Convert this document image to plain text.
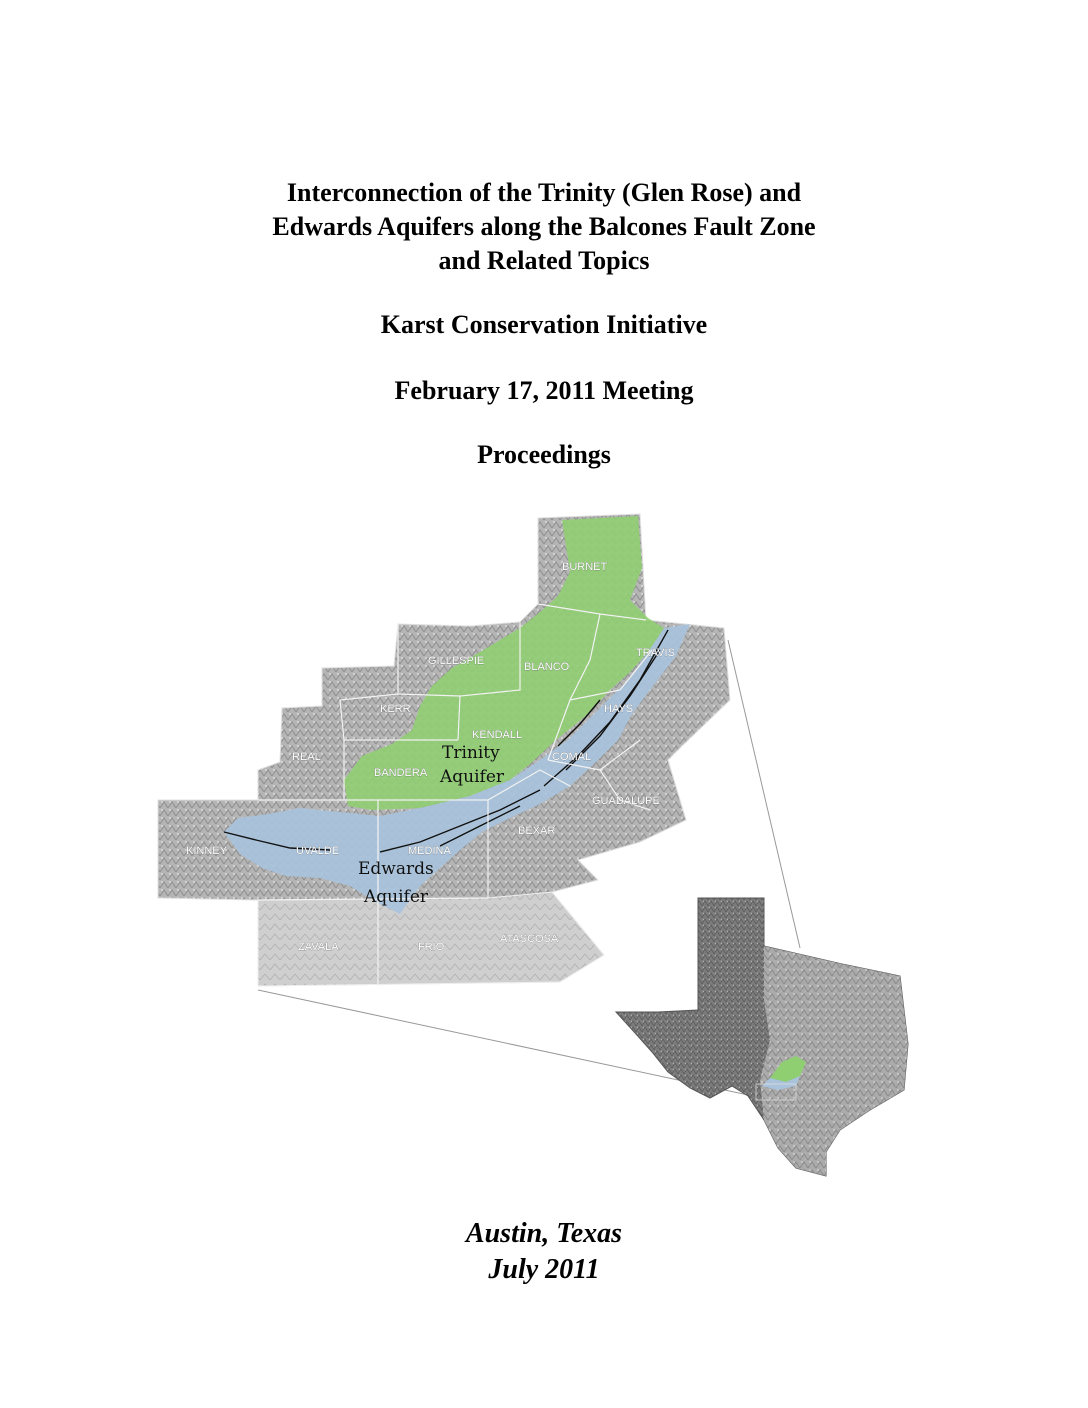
Interconnection of the Trinity (Glen Rose) and

Edwards Aquifers along the Balcones Fault Zone

and Related Topics

Karst Conservation Initiative
February 17, 2011 Meeting
Proceedings
BURNET
GILLESPIE	BLANCO
TRAVIS
KERR	HAYS
KENDALL
REAL	COMAL
BANDERA
GUADALUPE
BEXAR
KINNEY	UVALDE	MEDINA
ZAVALA	FRIO
ATASCOSA
Trinity
Aquifer
Edwards
Aquifer
Austin, Texas
July 2011
